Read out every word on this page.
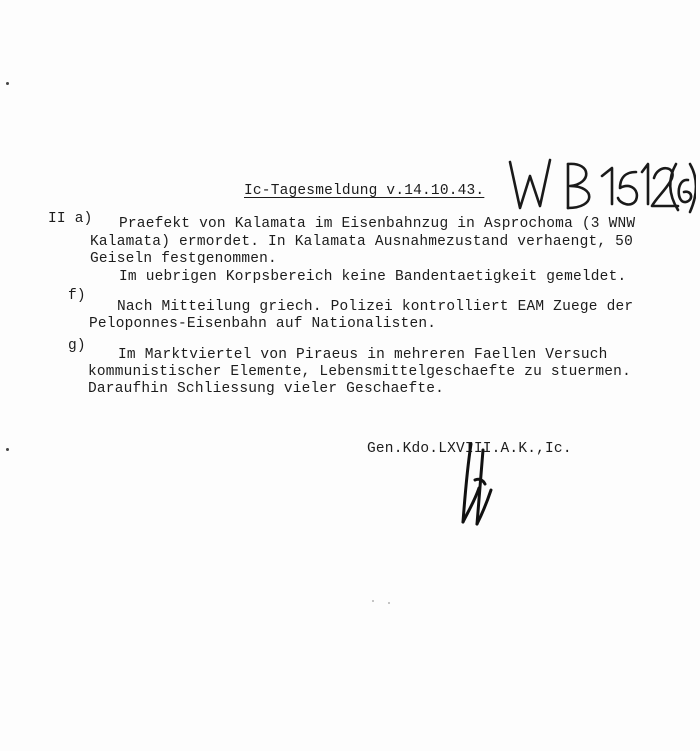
Ic-Tagesmeldung v.14.10.43.
II a) Praefekt von Kalamata im Eisenbahnzug in Asprochoma (3 WNW
Kalamata) ermordet. In Kalamata Ausnahmezustand verhaengt, 50
Geiseln festgenommen.
Im uebrigen Korpsbereich keine Bandentaetigkeit gemeldet.
f)
Nach Mitteilung griech. Polizei kontrolliert EAM Zuege der
Peloponnes-Eisenbahn auf Nationalisten.
g)
Im Marktviertel von Piraeus in mehreren Faellen Versuch
kommunistischer Elemente, Lebensmittelgeschaefte zu stuermen.
Daraufhin Schliessung vieler Geschaefte.
Gen.Kdo.LXVIII.A.K.,Ic.
